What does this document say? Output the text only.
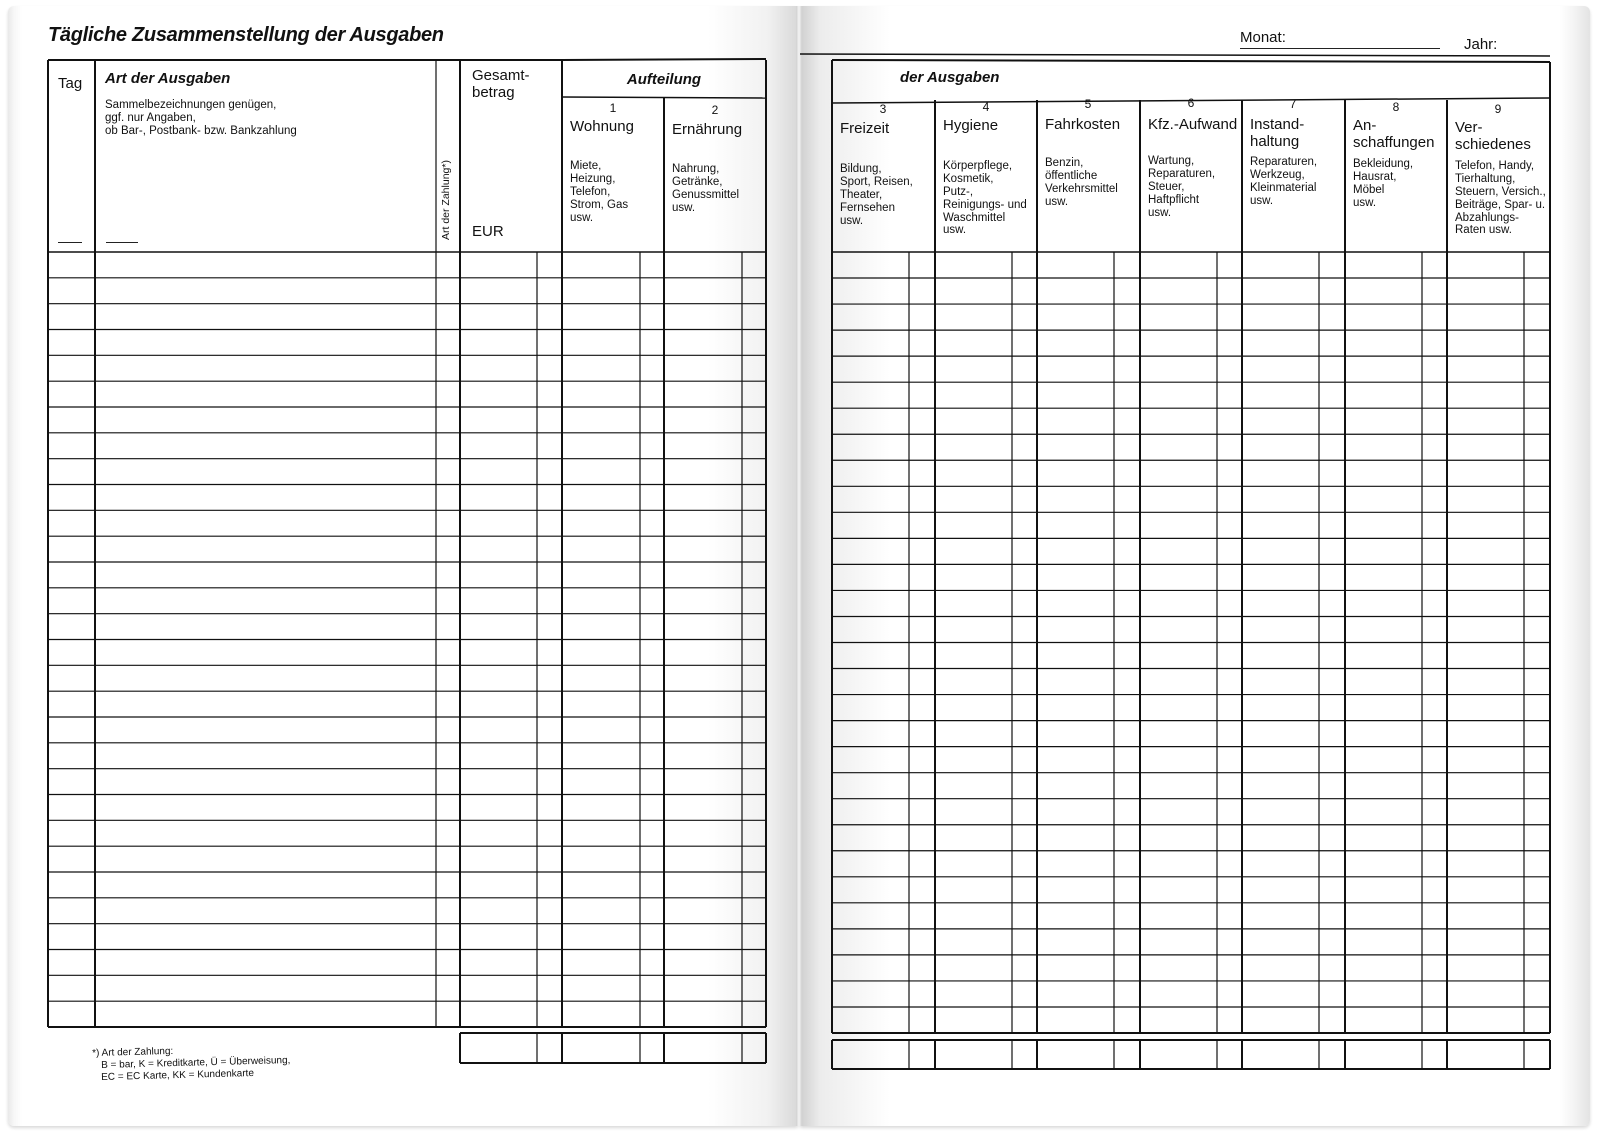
Tägliche Zusammenstellung der Ausgaben
Tag Art der Ausgaben
Sammelbezeichnungen genügen,
ggf. nur Angaben,
ob Bar-, Postbank- bzw. Bankzahlung
Art der Zahlung*)
Gesamt-
betrag
EUR
Aufteilung
1
Wohnung
Miete,
Heizung,
Telefon,
Strom, Gas
usw.
2
Ernährung
Nahrung,
Getränke,
Genussmittel
usw.
*) Art der Zahlung:
B = bar, K = Kreditkarte, Ü = Überweisung,
EC = EC Karte, KK = Kundenkarte
Monat:	Jahr:
der Ausgaben
3
Freizeit
Bildung,
Sport, Reisen,
Theater,
Fernsehen
usw.
4
Hygiene
Körperpflege,
Kosmetik,
Putz-,
Reinigungs- und
Waschmittel
usw.
5
Fahrkosten
Benzin,
öffentliche
Verkehrsmittel
usw.
6
Kfz.-Aufwand
Wartung,
Reparaturen,
Steuer,
Haftpflicht
usw.
7
Instand-
haltung
Reparaturen,
Werkzeug,
Kleinmaterial
usw.
8
An-
schaffungen
Bekleidung,
Hausrat,
Möbel
usw.
9
Ver-
schiedenes
Telefon, Handy,
Tierhaltung,
Steuern, Versich.,
Beiträge, Spar- u.
Abzahlungs-
Raten usw.
